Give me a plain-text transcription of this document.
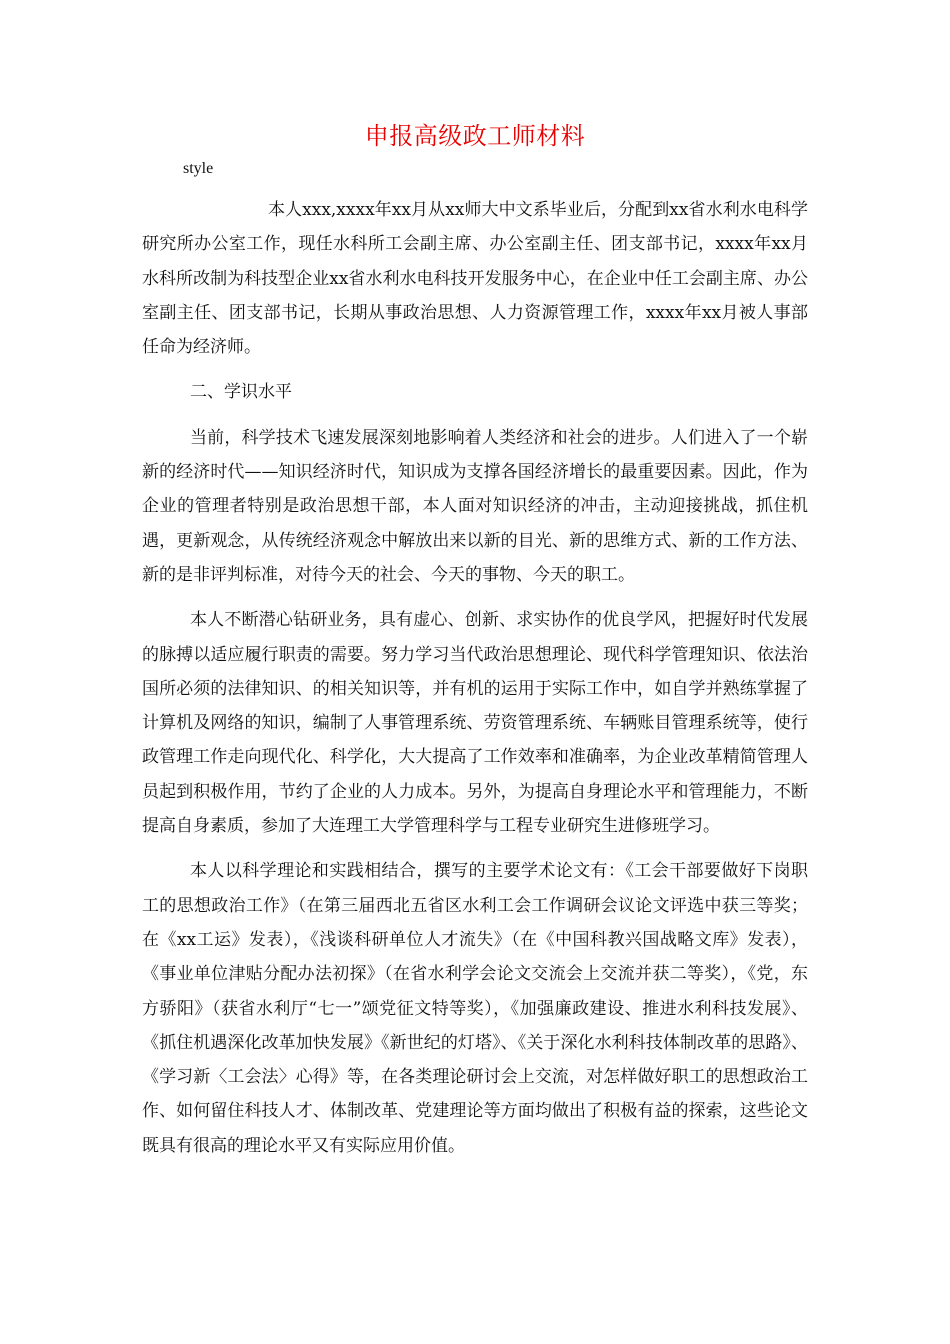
申报高级政工师材料
style

本人xxx,xxxx年xx月从xx师大中文系毕业后，分配到xx省水利水电科学研究所办公室工作，现任水科所工会副主席、办公室副主任、团支部书记，xxxx年xx月水科所改制为科技型企业xx省水利水电科技开发服务中心，在企业中任工会副主席、办公室副主任、团支部书记，长期从事政治思想、人力资源管理工作，xxxx年xx月被人事部任命为经济师。

二、学识水平

当前，科学技术飞速发展深刻地影响着人类经济和社会的进步。人们进入了一个崭新的经济时代——知识经济时代，知识成为支撑各国经济增长的最重要因素。因此，作为企业的管理者特别是政治思想干部，本人面对知识经济的冲击，主动迎接挑战，抓住机遇，更新观念，从传统经济观念中解放出来以新的目光、新的思维方式、新的工作方法、新的是非评判标准，对待今天的社会、今天的事物、今天的职工。

本人不断潜心钻研业务，具有虚心、创新、求实协作的优良学风，把握好时代发展的脉搏以适应履行职责的需要。努力学习当代政治思想理论、现代科学管理知识、依法治国所必须的法律知识、的相关知识等，并有机的运用于实际工作中，如自学并熟练掌握了计算机及网络的知识，编制了人事管理系统、劳资管理系统、车辆账目管理系统等，使行政管理工作走向现代化、科学化，大大提高了工作效率和准确率，为企业改革精简管理人员起到积极作用，节约了企业的人力成本。另外，为提高自身理论水平和管理能力，不断提高自身素质，参加了大连理工大学管理科学与工程专业研究生进修班学习。

本人以科学理论和实践相结合，撰写的主要学术论文有：《工会干部要做好下岗职工的思想政治工作》（在第三届西北五省区水利工会工作调研会议论文评选中获三等奖；在《xx工运》发表），《浅谈科研单位人才流失》（在《中国科教兴国战略文库》发表），《事业单位津贴分配办法初探》（在省水利学会论文交流会上交流并获二等奖），《党，东方骄阳》（获省水利厅“七一”颂党征文特等奖），《加强廉政建设、推进水利科技发展》、《抓住机遇深化改革加快发展》《新世纪的灯塔》、《关于深化水利科技体制改革的思路》、《学习新〈工会法〉心得》等，在各类理论研讨会上交流，对怎样做好职工的思想政治工作、如何留住科技人才、体制改革、党建理论等方面均做出了积极有益的探索，这些论文既具有很高的理论水平又有实际应用价值。
